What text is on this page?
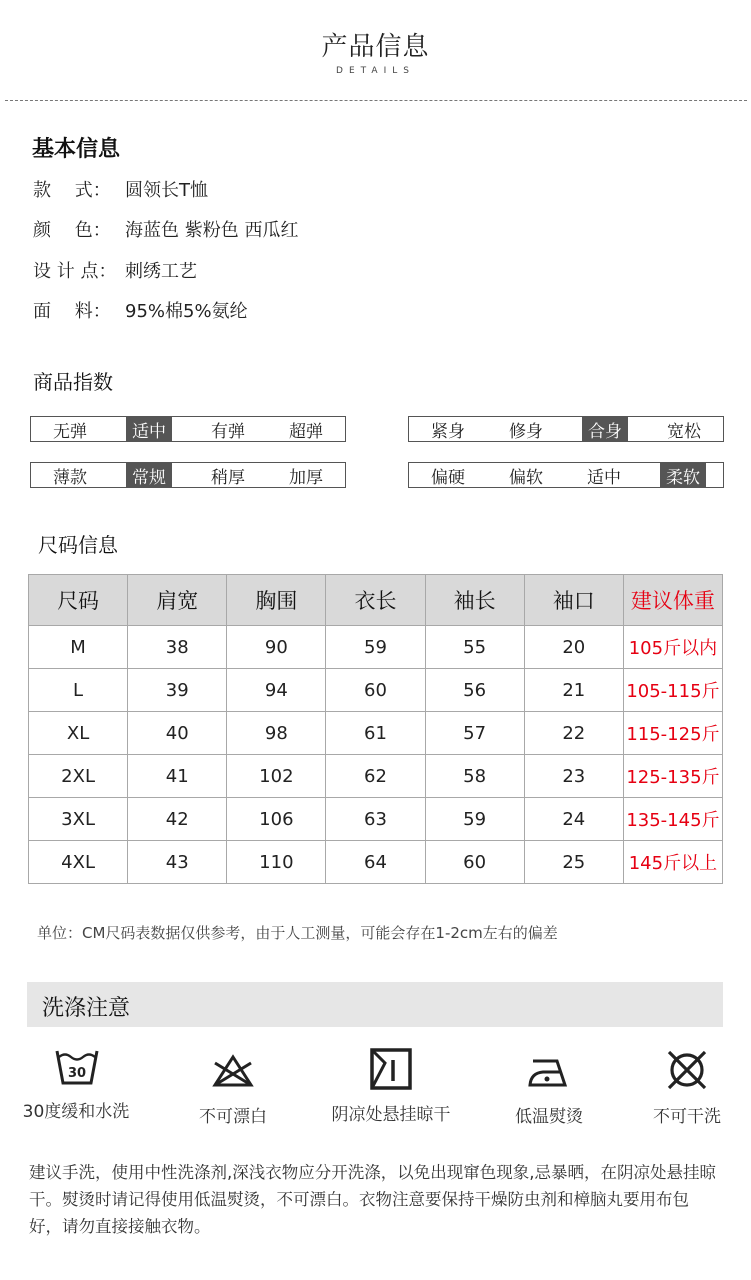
产品信息
DETAILS
基本信息
款　 式： 圆领长T恤
颜　 色： 海蓝色 紫粉色 西瓜红
设 计 点： 刺绣工艺
面　 料： 95%棉5%氨纶
商品指数
无弹	适中	有弹	超弹	紧身	修身	合身	宽松
薄款	常规	稍厚	加厚	偏硬	偏软	适中	柔软
尺码信息
尺码	肩宽	胸围	衣长	袖长	袖口	建议体重
M	38	90	59	55	20	105斤以内
L	39	94	60	56	21	105-115斤
XL	40	98	61	57	22	115-125斤
2XL	41	102	62	58	23	125-135斤
3XL	42	106	63	59	24	135-145斤
4XL	43	110	64	60	25	145斤以上
单位：CM尺码表数据仅供参考，由于人工测量，可能会存在1-2cm左右的偏差
洗涤注意
30
30度缓和水洗	不可漂白	阴凉处悬挂晾干	低温熨烫	不可干洗
建议手洗，使用中性洗涤剂,深浅衣物应分开洗涤，以免出现窜色现象,忌暴晒，在阴凉处悬挂晾干。熨烫时请记得使用低温熨烫，不可漂白。衣物注意要保持干燥防虫剂和樟脑丸要用布包好，请勿直接接触衣物。
